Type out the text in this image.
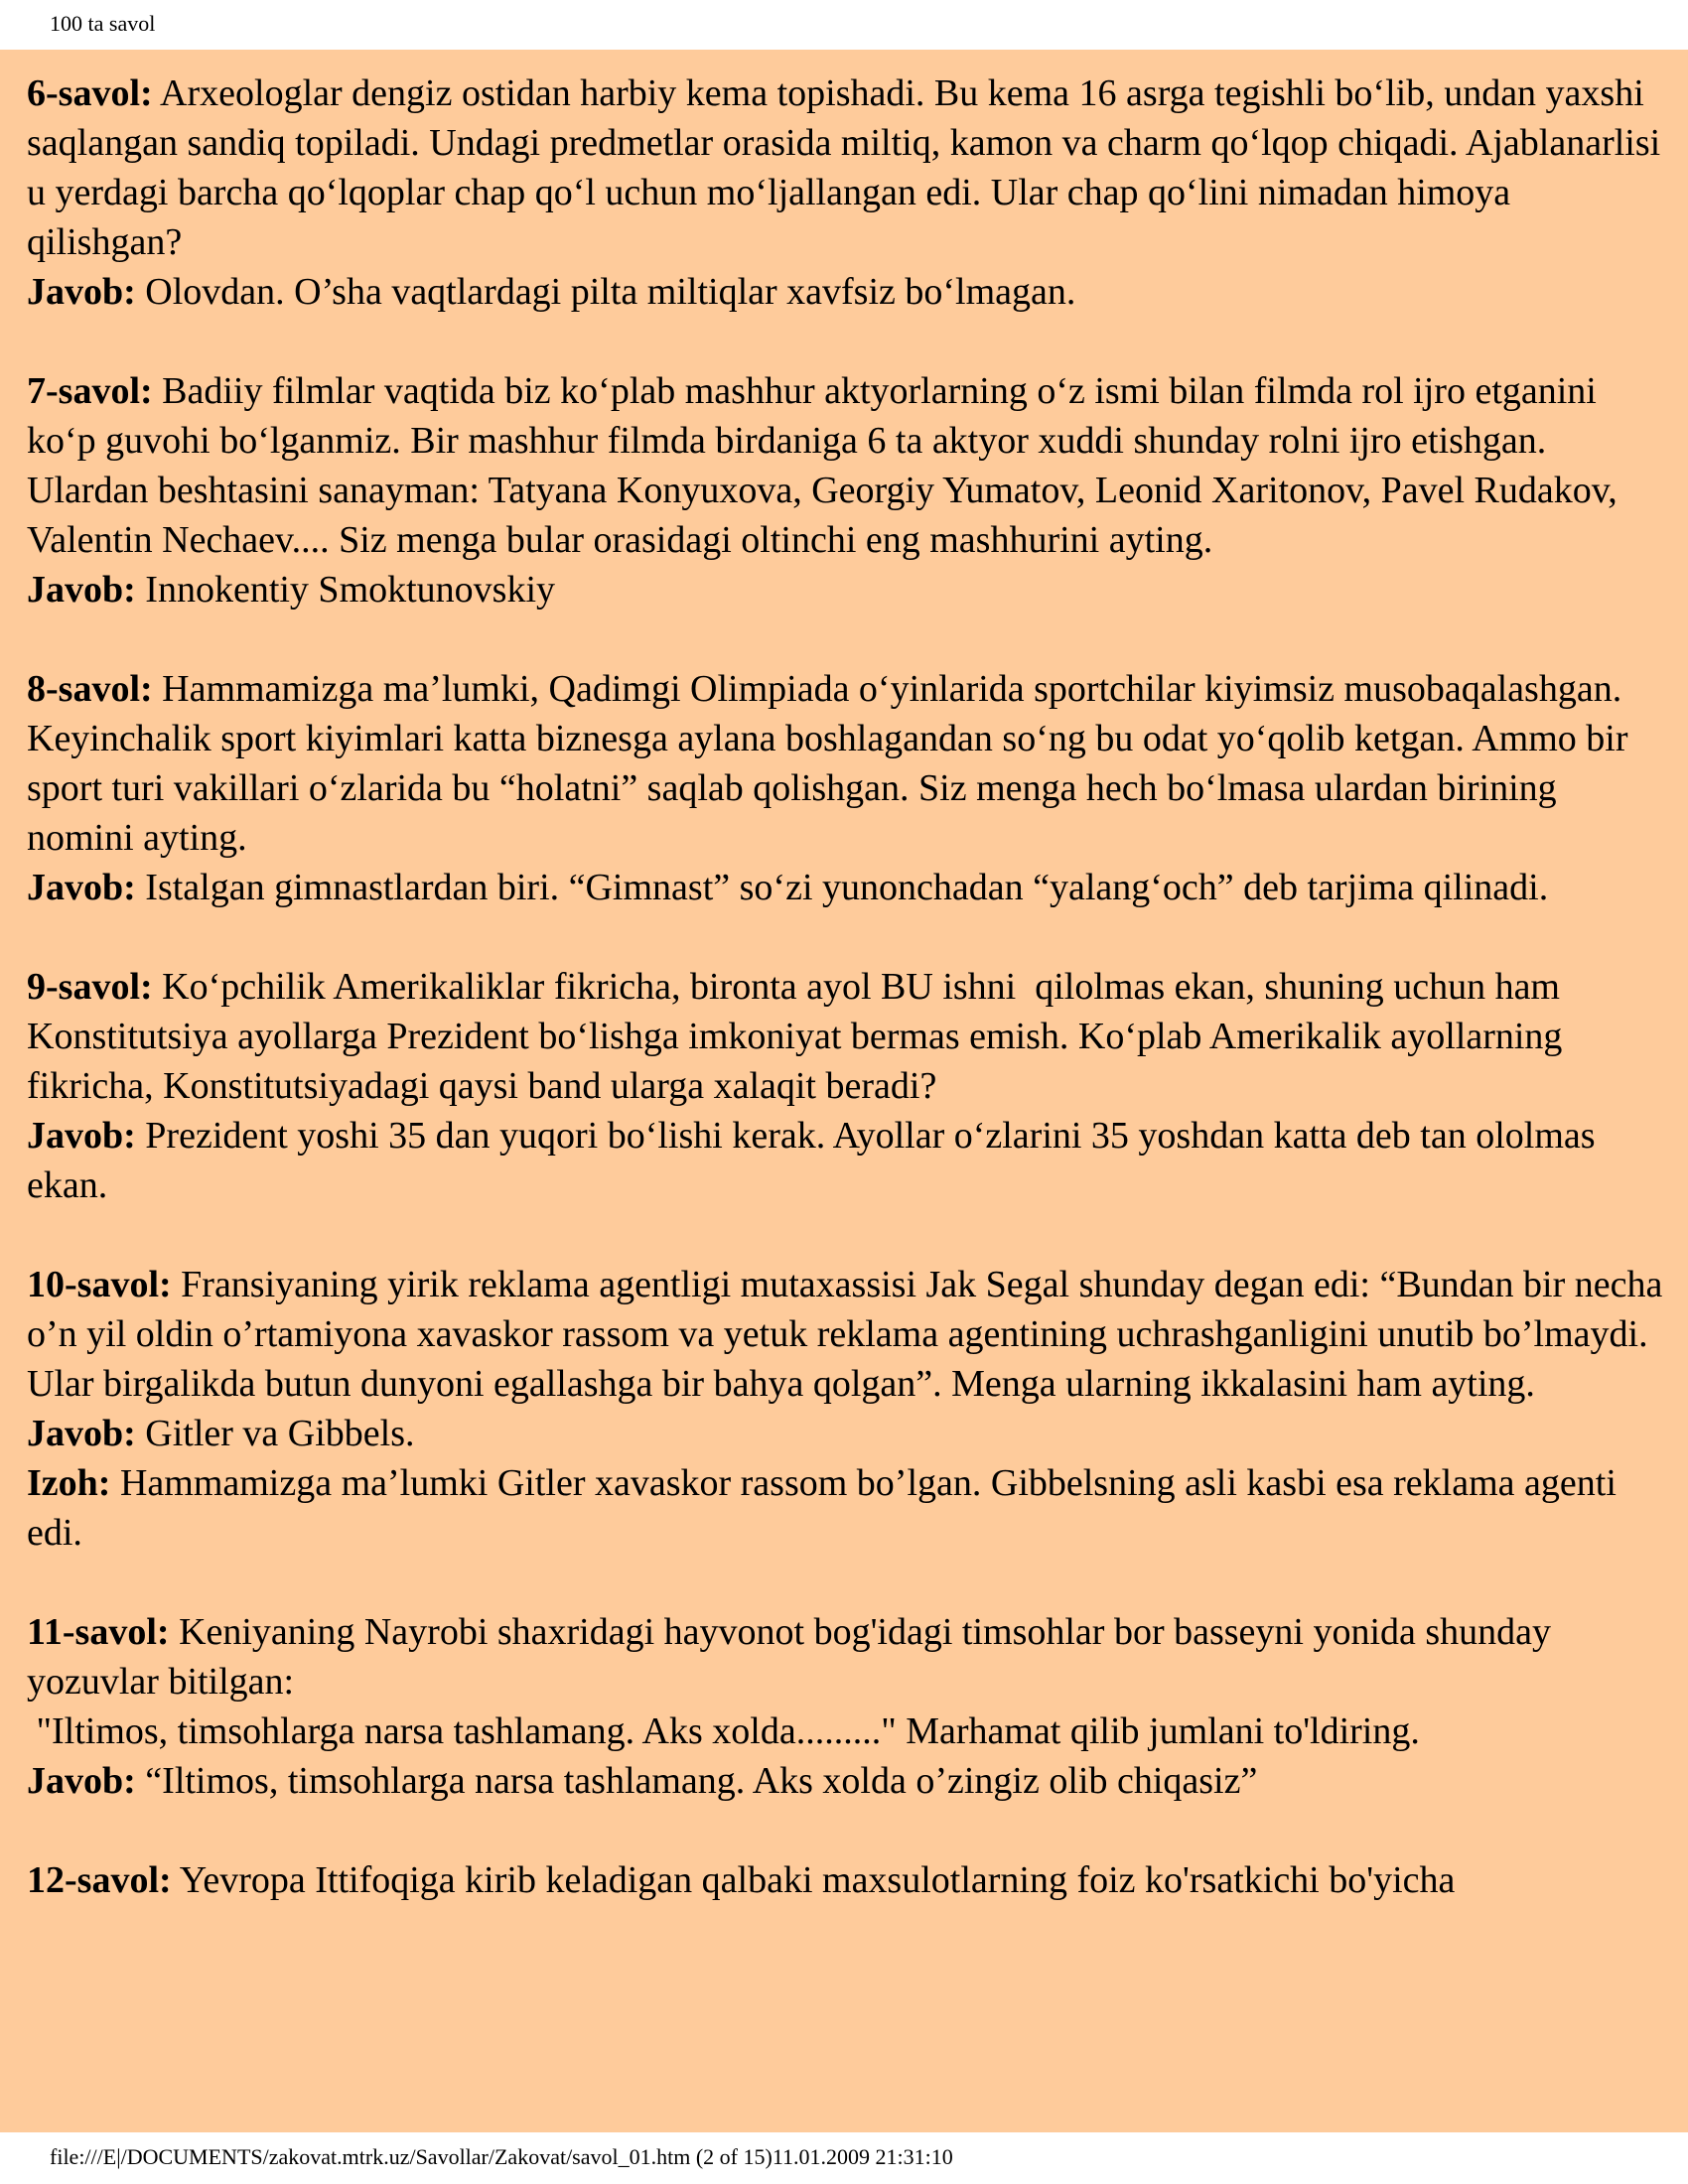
100 ta savol
6-savol: Arxeologlar dengiz ostidan harbiy kema topishadi. Bu kema 16 asrga tegishli bo‘lib, undan yaxshi saqlangan sandiq topiladi. Undagi predmetlar orasida miltiq, kamon va charm qo‘lqop chiqadi. Ajablanarlisi u yerdagi barcha qo‘lqoplar chap qo‘l uchun mo‘ljallangan edi. Ular chap qo‘lini nimadan himoya qilishgan?
Javob: Olovdan. O’sha vaqtlardagi pilta miltiqlar xavfsiz bo‘lmagan.
7-savol: Badiiy filmlar vaqtida biz ko‘plab mashhur aktyorlarning o‘z ismi bilan filmda rol ijro etganini ko‘p guvohi bo‘lganmiz. Bir mashhur filmda birdaniga 6 ta aktyor xuddi shunday rolni ijro etishgan. Ulardan beshtasini sanayman: Tatyana Konyuxova, Georgiy Yumatov, Leonid Xaritonov, Pavel Rudakov, Valentin Nechaev.... Siz menga bular orasidagi oltinchi eng mashhurini ayting.
Javob: Innokentiy Smoktunovskiy
8-savol: Hammamizga ma’lumki, Qadimgi Olimpiada o‘yinlarida sportchilar kiyimsiz musobaqalashgan. Keyinchalik sport kiyimlari katta biznesga aylana boshlagandan so‘ng bu odat yo‘qolib ketgan. Ammo bir sport turi vakillari o‘zlarida bu “holatni” saqlab qolishgan. Siz menga hech bo‘lmasa ulardan birining nomini ayting.
Javob: Istalgan gimnastlardan biri. “Gimnast” so‘zi yunonchadan “yalang‘och” deb tarjima qilinadi.
9-savol: Ko‘pchilik Amerikaliklar fikricha, bironta ayol BU ishni  qilolmas ekan, shuning uchun ham Konstitutsiya ayollarga Prezident bo‘lishga imkoniyat bermas emish. Ko‘plab Amerikalik ayollarning fikricha, Konstitutsiyadagi qaysi band ularga xalaqit beradi?
Javob: Prezident yoshi 35 dan yuqori bo‘lishi kerak. Ayollar o‘zlarini 35 yoshdan katta deb tan ololmas ekan.
10-savol: Fransiyaning yirik reklama agentligi mutaxassisi Jak Segal shunday degan edi: “Bundan bir necha o’n yil oldin o’rtamiyona xavaskor rassom va yetuk reklama agentining uchrashganligini unutib bo’lmaydi. Ular birgalikda butun dunyoni egallashga bir bahya qolgan”. Menga ularning ikkalasini ham ayting.
Javob: Gitler va Gibbels.
Izoh: Hammamizga ma’lumki Gitler xavaskor rassom bo’lgan. Gibbelsning asli kasbi esa reklama agenti edi.
11-savol: Keniyaning Nayrobi shaxridagi hayvonot bog'idagi timsohlar bor basseyni yonida shunday yozuvlar bitilgan:
"Iltimos, timsohlarga narsa tashlamang. Aks xolda........." Marhamat qilib jumlani to'ldiring.
Javob: “Iltimos, timsohlarga narsa tashlamang. Aks xolda o’zingiz olib chiqasiz”
12-savol: Yevropa Ittifoqiga kirib keladigan qalbaki maxsulotlarning foiz ko'rsatkichi bo'yicha
file:///E|/DOCUMENTS/zakovat.mtrk.uz/Savollar/Zakovat/savol_01.htm (2 of 15)11.01.2009 21:31:10
